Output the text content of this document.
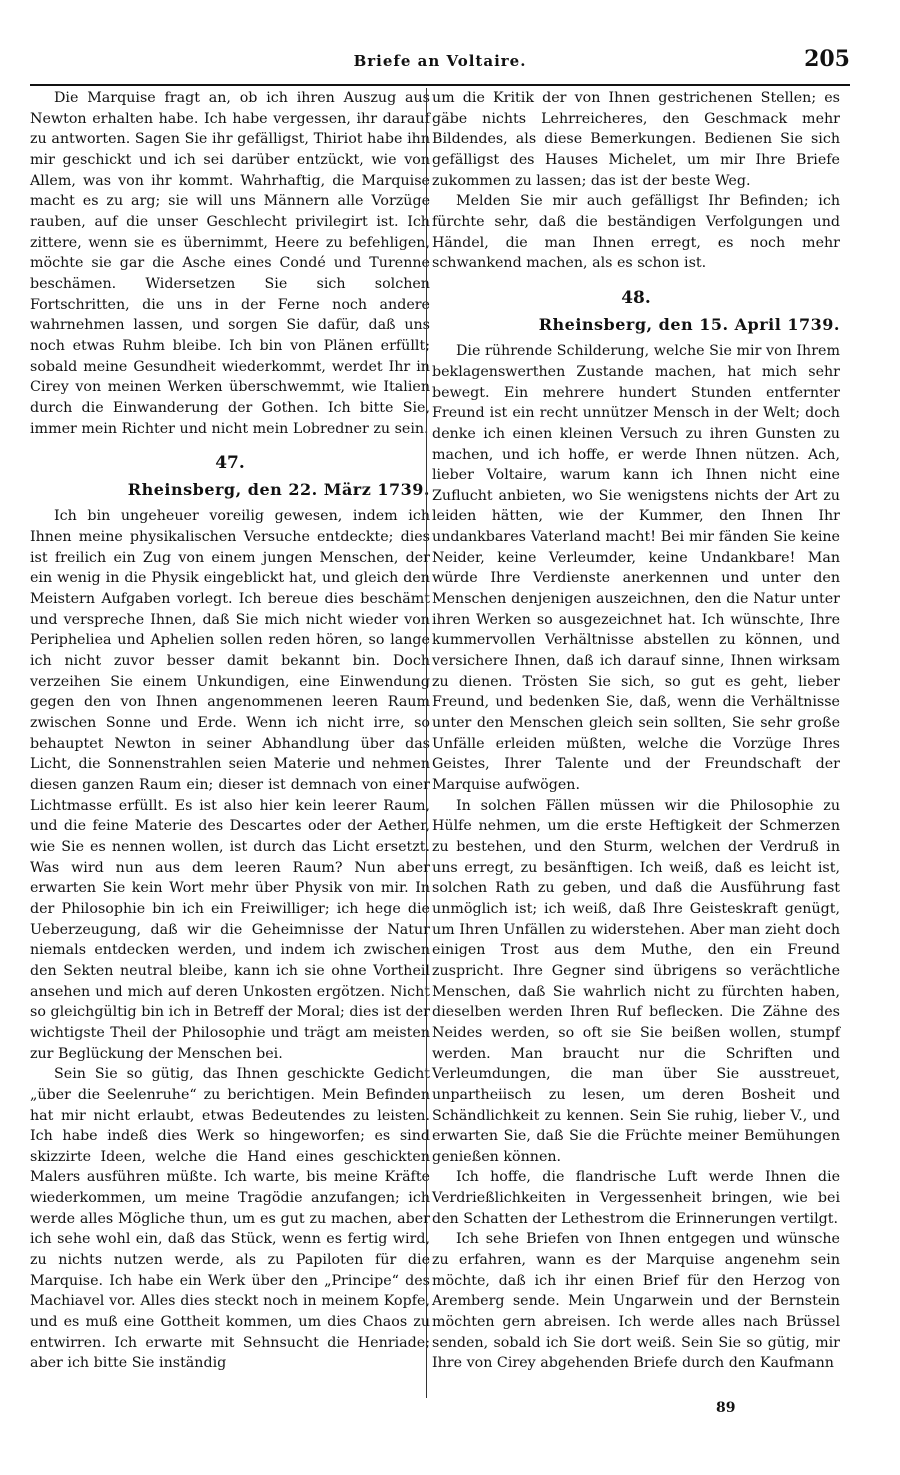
Briefe an Voltaire.	205

Die Marquise fragt an, ob ich ihren Auszug aus Newton erhalten habe. Ich habe vergessen, ihr darauf zu antworten. Sagen Sie ihr gefälligst, Thiriot habe ihn mir geschickt und ich sei darüber entzückt, wie von Allem, was von ihr kommt. Wahrhaftig, die Marquise macht es zu arg; sie will uns Männern alle Vorzüge rauben, auf die unser Geschlecht privilegirt ist. Ich zittere, wenn sie es übernimmt, Heere zu befehligen, möchte sie gar die Asche eines Condé und Turenne beschämen. Widersetzen Sie sich solchen Fortschritten, die uns in der Ferne noch andere wahrnehmen lassen, und sorgen Sie dafür, daß uns noch etwas Ruhm bleibe. Ich bin von Plänen erfüllt; sobald meine Gesundheit wiederkommt, werdet Ihr in Cirey von meinen Werken überschwemmt, wie Italien durch die Einwanderung der Gothen. Ich bitte Sie, immer mein Richter und nicht mein Lobredner zu sein.

47.
Rheinsberg, den 22. März 1739.

Ich bin ungeheuer voreilig gewesen, indem ich Ihnen meine physikalischen Versuche entdeckte; dies ist freilich ein Zug von einem jungen Menschen, der ein wenig in die Physik eingeblickt hat, und gleich den Meistern Aufgaben vorlegt. Ich bereue dies beschämt und verspreche Ihnen, daß Sie mich nicht wieder von Peripheliea und Aphelien sollen reden hören, so lange ich nicht zuvor besser damit bekannt bin. Doch verzeihen Sie einem Unkundigen, eine Einwendung gegen den von Ihnen angenommenen leeren Raum zwischen Sonne und Erde. Wenn ich nicht irre, so behauptet Newton in seiner Abhandlung über das Licht, die Sonnenstrahlen seien Materie und nehmen diesen ganzen Raum ein; dieser ist demnach von einer Lichtmasse erfüllt. Es ist also hier kein leerer Raum, und die feine Materie des Descartes oder der Aether, wie Sie es nennen wollen, ist durch das Licht ersetzt. Was wird nun aus dem leeren Raum? Nun aber erwarten Sie kein Wort mehr über Physik von mir. In der Philosophie bin ich ein Freiwilliger; ich hege die Ueberzeugung, daß wir die Geheimnisse der Natur niemals entdecken werden, und indem ich zwischen den Sekten neutral bleibe, kann ich sie ohne Vortheil ansehen und mich auf deren Unkosten ergötzen. Nicht so gleichgültig bin ich in Betreff der Moral; dies ist der wichtigste Theil der Philosophie und trägt am meisten zur Beglückung der Menschen bei.

Sein Sie so gütig, das Ihnen geschickte Gedicht „über die Seelenruhe“ zu berichtigen. Mein Befinden hat mir nicht erlaubt, etwas Bedeutendes zu leisten. Ich habe indeß dies Werk so hingeworfen; es sind skizzirte Ideen, welche die Hand eines geschickten Malers ausführen müßte. Ich warte, bis meine Kräfte wiederkommen, um meine Tragödie anzufangen; ich werde alles Mögliche thun, um es gut zu machen, aber ich sehe wohl ein, daß das Stück, wenn es fertig wird, zu nichts nutzen werde, als zu Papiloten für die Marquise. Ich habe ein Werk über den „Principe“ des Machiavel vor. Alles dies steckt noch in meinem Kopfe, und es muß eine Gottheit kommen, um dies Chaos zu entwirren. Ich erwarte mit Sehnsucht die Henriade; aber ich bitte Sie inständig

um die Kritik der von Ihnen gestrichenen Stellen; es gäbe nichts Lehrreicheres, den Geschmack mehr Bildendes, als diese Bemerkungen. Bedienen Sie sich gefälligst des Hauses Michelet, um mir Ihre Briefe zukommen zu lassen; das ist der beste Weg.

Melden Sie mir auch gefälligst Ihr Befinden; ich fürchte sehr, daß die beständigen Verfolgungen und Händel, die man Ihnen erregt, es noch mehr schwankend machen, als es schon ist.

48.
Rheinsberg, den 15. April 1739.

Die rührende Schilderung, welche Sie mir von Ihrem beklagenswerthen Zustande machen, hat mich sehr bewegt. Ein mehrere hundert Stunden entfernter Freund ist ein recht unnützer Mensch in der Welt; doch denke ich einen kleinen Versuch zu ihren Gunsten zu machen, und ich hoffe, er werde Ihnen nützen. Ach, lieber Voltaire, warum kann ich Ihnen nicht eine Zuflucht anbieten, wo Sie wenigstens nichts der Art zu leiden hätten, wie der Kummer, den Ihnen Ihr undankbares Vaterland macht! Bei mir fänden Sie keine Neider, keine Verleumder, keine Undankbare! Man würde Ihre Verdienste anerkennen und unter den Menschen denjenigen auszeichnen, den die Natur unter ihren Werken so ausgezeichnet hat. Ich wünschte, Ihre kummervollen Verhältnisse abstellen zu können, und versichere Ihnen, daß ich darauf sinne, Ihnen wirksam zu dienen. Trösten Sie sich, so gut es geht, lieber Freund, und bedenken Sie, daß, wenn die Verhältnisse unter den Menschen gleich sein sollten, Sie sehr große Unfälle erleiden müßten, welche die Vorzüge Ihres Geistes, Ihrer Talente und der Freundschaft der Marquise aufwögen.

In solchen Fällen müssen wir die Philosophie zu Hülfe nehmen, um die erste Heftigkeit der Schmerzen zu bestehen, und den Sturm, welchen der Verdruß in uns erregt, zu besänftigen. Ich weiß, daß es leicht ist, solchen Rath zu geben, und daß die Ausführung fast unmöglich ist; ich weiß, daß Ihre Geisteskraft genügt, um Ihren Unfällen zu widerstehen. Aber man zieht doch einigen Trost aus dem Muthe, den ein Freund zuspricht. Ihre Gegner sind übrigens so verächtliche Menschen, daß Sie wahrlich nicht zu fürchten haben, dieselben werden Ihren Ruf beflecken. Die Zähne des Neides werden, so oft sie Sie beißen wollen, stumpf werden. Man braucht nur die Schriften und Verleumdungen, die man über Sie ausstreuet, unpartheiisch zu lesen, um deren Bosheit und Schändlichkeit zu kennen. Sein Sie ruhig, lieber V., und erwarten Sie, daß Sie die Früchte meiner Bemühungen genießen können.

Ich hoffe, die flandrische Luft werde Ihnen die Verdrießlichkeiten in Vergessenheit bringen, wie bei den Schatten der Lethestrom die Erinnerungen vertilgt.

Ich sehe Briefen von Ihnen entgegen und wünsche zu erfahren, wann es der Marquise angenehm sein möchte, daß ich ihr einen Brief für den Herzog von Aremberg sende. Mein Ungarwein und der Bernstein möchten gern abreisen. Ich werde alles nach Brüssel senden, sobald ich Sie dort weiß. Sein Sie so gütig, mir Ihre von Cirey abgehenden Briefe durch den Kaufmann

89
